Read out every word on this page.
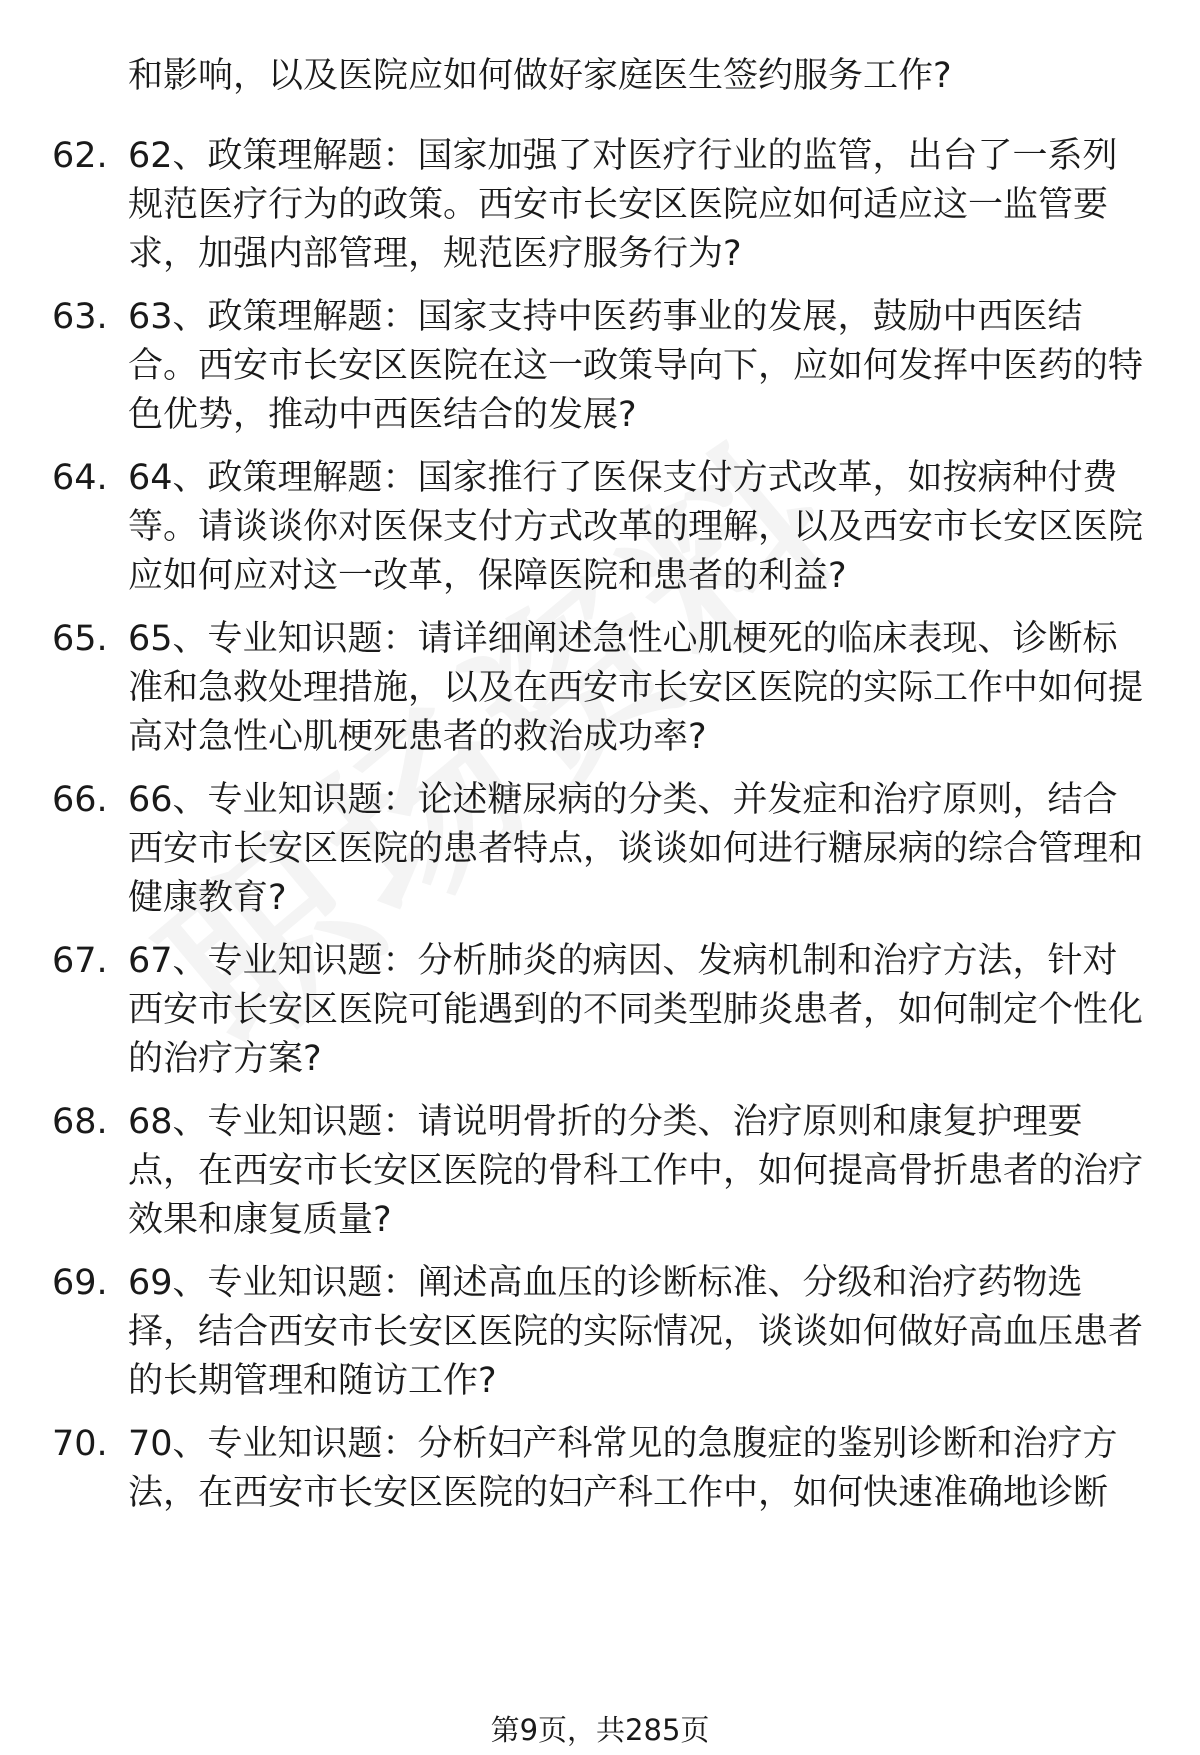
和影响，以及医院应如何做好家庭医生签约服务工作?
62. 62、政策理解题：国家加强了对医疗行业的监管，出台了一系列规范医疗行为的政策。西安市长安区医院应如何适应这一监管要求，加强内部管理，规范医疗服务行为?
63. 63、政策理解题：国家支持中医药事业的发展，鼓励中西医结合。西安市长安区医院在这一政策导向下，应如何发挥中医药的特色优势，推动中西医结合的发展?
64. 64、政策理解题：国家推行了医保支付方式改革，如按病种付费等。请谈谈你对医保支付方式改革的理解，以及西安市长安区医院应如何应对这一改革，保障医院和患者的利益?
65. 65、专业知识题：请详细阐述急性心肌梗死的临床表现、诊断标准和急救处理措施，以及在西安市长安区医院的实际工作中如何提高对急性心肌梗死患者的救治成功率?
66. 66、专业知识题：论述糖尿病的分类、并发症和治疗原则，结合西安市长安区医院的患者特点，谈谈如何进行糖尿病的综合管理和健康教育?
67. 67、专业知识题：分析肺炎的病因、发病机制和治疗方法，针对西安市长安区医院可能遇到的不同类型肺炎患者，如何制定个性化的治疗方案?
68. 68、专业知识题：请说明骨折的分类、治疗原则和康复护理要点，在西安市长安区医院的骨科工作中，如何提高骨折患者的治疗效果和康复质量?
69. 69、专业知识题：阐述高血压的诊断标准、分级和治疗药物选择，结合西安市长安区医院的实际情况，谈谈如何做好高血压患者的长期管理和随访工作?
70. 70、专业知识题：分析妇产科常见的急腹症的鉴别诊断和治疗方法，在西安市长安区医院的妇产科工作中，如何快速准确地诊断
第9页，共285页
